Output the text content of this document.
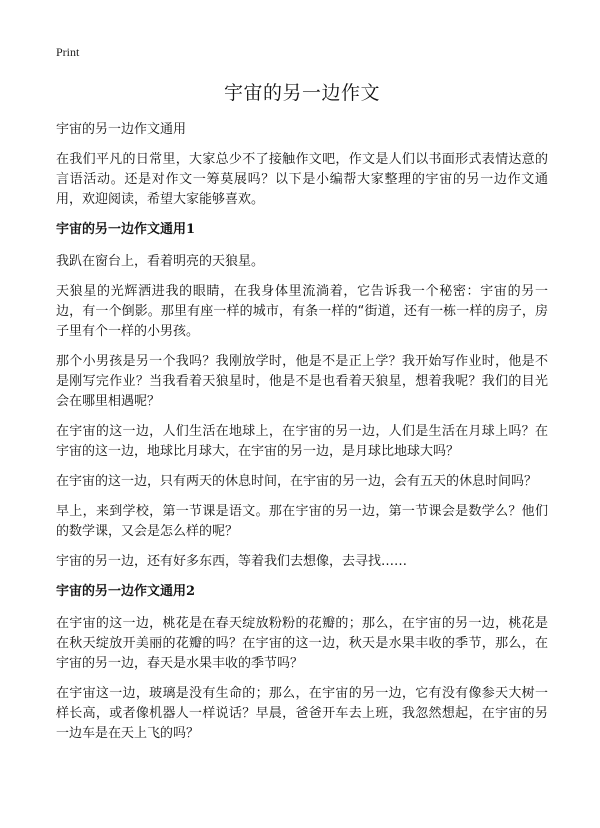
Print
宇宙的另一边作文

宇宙的另一边作文通用

在我们平凡的日常里，大家总少不了接触作文吧，作文是人们以书面形式表情达意的言语活动。还是对作文一筹莫展吗？以下是小编帮大家整理的宇宙的另一边作文通用，欢迎阅读，希望大家能够喜欢。

宇宙的另一边作文通用1

我趴在窗台上，看着明亮的天狼星。

天狼星的光辉洒进我的眼睛，在我身体里流淌着，它告诉我一个秘密：宇宙的另一边，有一个倒影。那里有座一样的城市，有条一样的“街道，还有一栋一样的房子，房子里有个一样的小男孩。

那个小男孩是另一个我吗？我刚放学时，他是不是正上学？我开始写作业时，他是不是刚写完作业？当我看着天狼星时，他是不是也看着天狼星，想着我呢？我们的目光会在哪里相遇呢？

在宇宙的这一边，人们生活在地球上，在宇宙的另一边，人们是生活在月球上吗？在宇宙的这一边，地球比月球大，在宇宙的另一边，是月球比地球大吗？

在宇宙的这一边，只有两天的休息时间，在宇宙的另一边，会有五天的休息时间吗？

早上，来到学校，第一节课是语文。那在宇宙的另一边，第一节课会是数学么？他们的数学课，又会是怎么样的呢？

宇宙的另一边，还有好多东西，等着我们去想像，去寻找……

宇宙的另一边作文通用2

在宇宙的这一边，桃花是在春天绽放粉粉的花瓣的；那么，在宇宙的另一边，桃花是在秋天绽放开美丽的花瓣的吗？在宇宙的这一边，秋天是水果丰收的季节，那么，在宇宙的另一边，春天是水果丰收的季节吗？

在宇宙这一边，玻璃是没有生命的；那么，在宇宙的另一边，它有没有像参天大树一样长高，或者像机器人一样说话？早晨，爸爸开车去上班，我忽然想起，在宇宙的另一边车是在天上飞的吗？
